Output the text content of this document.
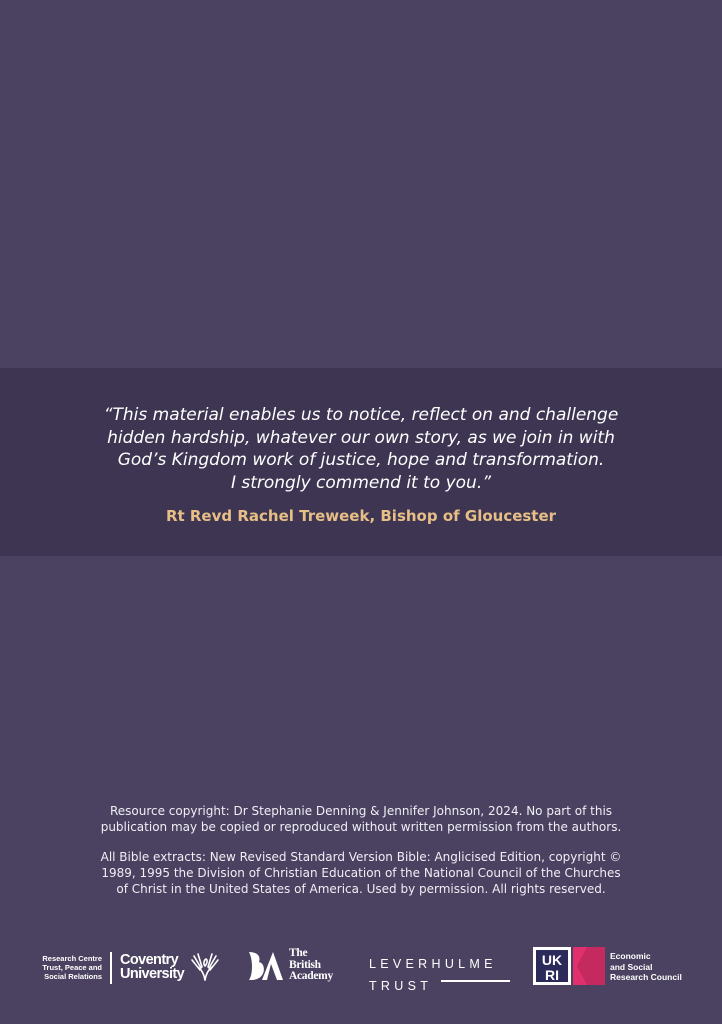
“This material enables us to notice, reflect on and challenge
hidden hardship, whatever our own story, as we join in with
God’s Kingdom work of justice, hope and transformation.
I strongly commend it to you.”

Rt Revd Rachel Treweek, Bishop of Gloucester

Resource copyright: Dr Stephanie Denning & Jennifer Johnson, 2024. No part of this
publication may be copied or reproduced without written permission from the authors.

All Bible extracts: New Revised Standard Version Bible: Anglicised Edition, copyright ©
1989, 1995 the Division of Christian Education of the National Council of the Churches
of Christ in the United States of America. Used by permission. All rights reserved.

Research Centre
Trust, Peace and
Social Relations
Coventry
University
The
British
Academy
LEVERHULME
TRUST
UK
RI
Economic
and Social
Research Council
